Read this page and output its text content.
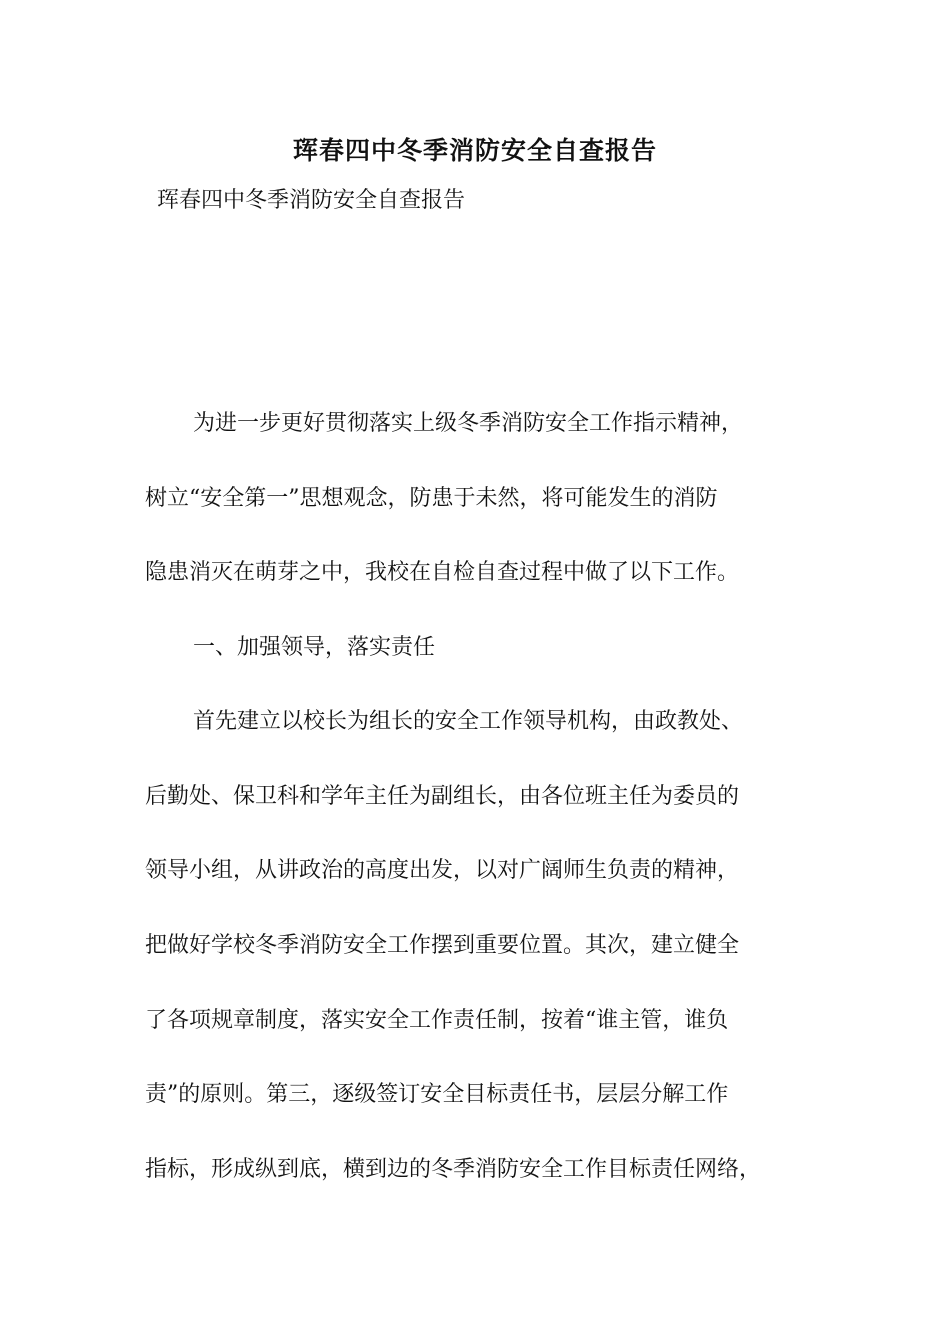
珲春四中冬季消防安全自查报告
珲春四中冬季消防安全自查报告
为进一步更好贯彻落实上级冬季消防安全工作指示精神，
树立“安全第一”思想观念，防患于未然，将可能发生的消防
隐患消灭在萌芽之中，我校在自检自查过程中做了以下工作。
一、加强领导，落实责任
首先建立以校长为组长的安全工作领导机构，由政教处、
后勤处、保卫科和学年主任为副组长，由各位班主任为委员的
领导小组，从讲政治的高度出发，以对广阔师生负责的精神，
把做好学校冬季消防安全工作摆到重要位置。其次，建立健全
了各项规章制度，落实安全工作责任制，按着“谁主管，谁负
责”的原则。第三，逐级签订安全目标责任书，层层分解工作
指标，形成纵到底，横到边的冬季消防安全工作目标责任网络，
